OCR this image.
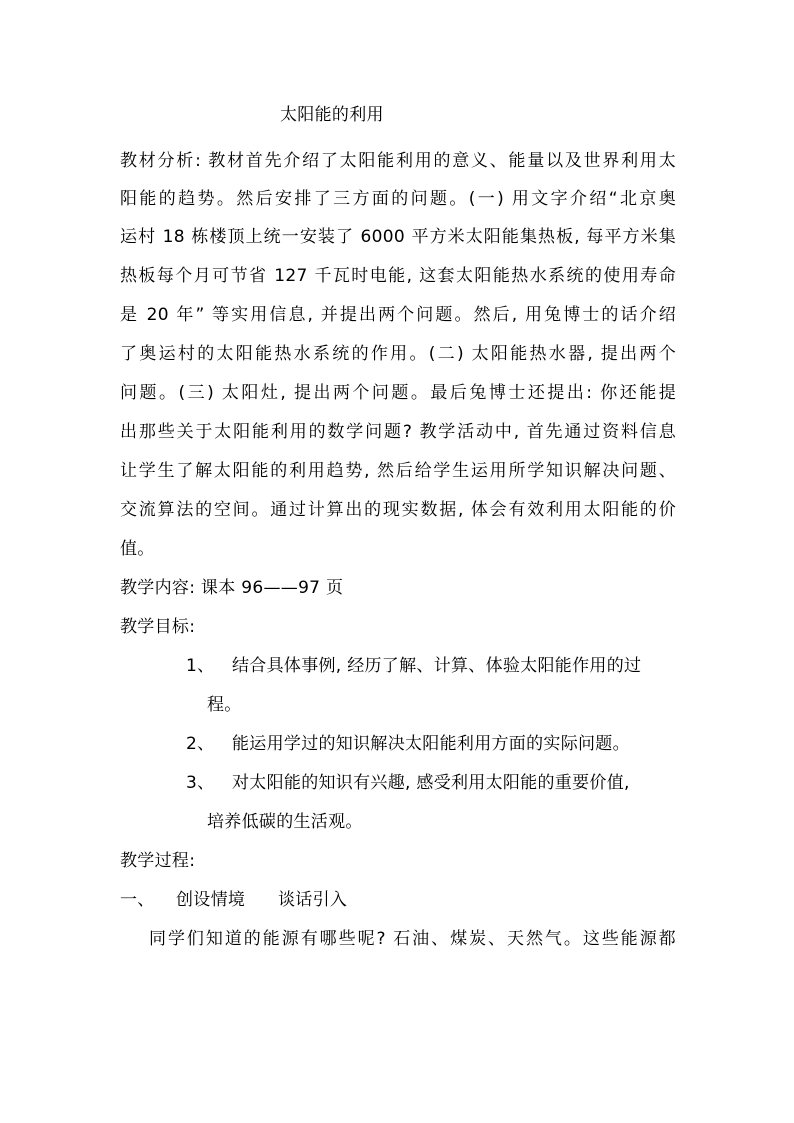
太阳能的利用
教材分析: 教材首先介绍了太阳能利用的意义、能量以及世界利用太
阳能的趋势。然后安排了三方面的问题。(一) 用文字介绍“北京奥
运村 18 栋楼顶上统一安装了 6000 平方米太阳能集热板, 每平方米集
热板每个月可节省 127 千瓦时电能, 这套太阳能热水系统的使用寿命
是 20 年” 等实用信息, 并提出两个问题。然后, 用兔博士的话介绍
了奥运村的太阳能热水系统的作用。(二) 太阳能热水器, 提出两个
问题。(三) 太阳灶, 提出两个问题。最后兔博士还提出: 你还能提
出那些关于太阳能利用的数学问题? 教学活动中, 首先通过资料信息
让学生了解太阳能的利用趋势, 然后给学生运用所学知识解决问题、
交流算法的空间。通过计算出的现实数据, 体会有效利用太阳能的价
值。
教学内容: 课本 96——97 页
教学目标:
1、 结合具体事例, 经历了解、计算、体验太阳能作用的过
程。
2、 能运用学过的知识解决太阳能利用方面的实际问题。
3、 对太阳能的知识有兴趣, 感受利用太阳能的重要价值,
培养低碳的生活观。
教学过程:
一、 创设情境 谈话引入
同学们知道的能源有哪些呢? 石油、煤炭、天然气。这些能源都
